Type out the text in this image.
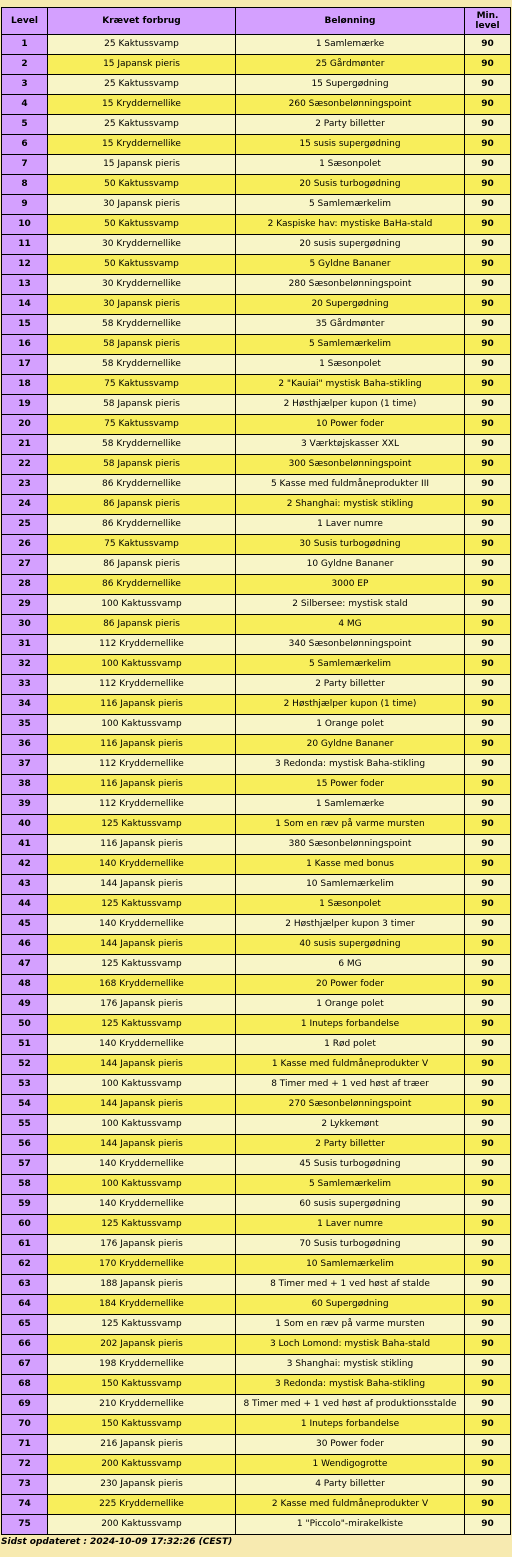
Level	Krævet forbrug	Belønning	Min. level
1	25 Kaktussvamp	1 Samlemærke	90
2	15 Japansk pieris	25 Gårdmønter	90
3	25 Kaktussvamp	15 Supergødning	90
4	15 Kryddernellike	260 Sæsonbelønningspoint	90
5	25 Kaktussvamp	2 Party billetter	90
6	15 Kryddernellike	15 susis supergødning	90
7	15 Japansk pieris	1 Sæsonpolet	90
8	50 Kaktussvamp	20 Susis turbogødning	90
9	30 Japansk pieris	5 Samlemærkelim	90
10	50 Kaktussvamp	2 Kaspiske hav: mystiske BaHa-stald	90
11	30 Kryddernellike	20 susis supergødning	90
12	50 Kaktussvamp	5 Gyldne Bananer	90
13	30 Kryddernellike	280 Sæsonbelønningspoint	90
14	30 Japansk pieris	20 Supergødning	90
15	58 Kryddernellike	35 Gårdmønter	90
16	58 Japansk pieris	5 Samlemærkelim	90
17	58 Kryddernellike	1 Sæsonpolet	90
18	75 Kaktussvamp	2 "Kauiai" mystisk Baha-stikling	90
19	58 Japansk pieris	2 Høsthjælper kupon (1 time)	90
20	75 Kaktussvamp	10 Power foder	90
21	58 Kryddernellike	3 Værktøjskasser XXL	90
22	58 Japansk pieris	300 Sæsonbelønningspoint	90
23	86 Kryddernellike	5 Kasse med fuldmåneprodukter III	90
24	86 Japansk pieris	2 Shanghai: mystisk stikling	90
25	86 Kryddernellike	1 Laver numre	90
26	75 Kaktussvamp	30 Susis turbogødning	90
27	86 Japansk pieris	10 Gyldne Bananer	90
28	86 Kryddernellike	3000 EP	90
29	100 Kaktussvamp	2 Silbersee: mystisk stald	90
30	86 Japansk pieris	4 MG	90
31	112 Kryddernellike	340 Sæsonbelønningspoint	90
32	100 Kaktussvamp	5 Samlemærkelim	90
33	112 Kryddernellike	2 Party billetter	90
34	116 Japansk pieris	2 Høsthjælper kupon (1 time)	90
35	100 Kaktussvamp	1 Orange polet	90
36	116 Japansk pieris	20 Gyldne Bananer	90
37	112 Kryddernellike	3 Redonda: mystisk Baha-stikling	90
38	116 Japansk pieris	15 Power foder	90
39	112 Kryddernellike	1 Samlemærke	90
40	125 Kaktussvamp	1 Som en ræv på varme mursten	90
41	116 Japansk pieris	380 Sæsonbelønningspoint	90
42	140 Kryddernellike	1 Kasse med bonus	90
43	144 Japansk pieris	10 Samlemærkelim	90
44	125 Kaktussvamp	1 Sæsonpolet	90
45	140 Kryddernellike	2 Høsthjælper kupon 3 timer	90
46	144 Japansk pieris	40 susis supergødning	90
47	125 Kaktussvamp	6 MG	90
48	168 Kryddernellike	20 Power foder	90
49	176 Japansk pieris	1 Orange polet	90
50	125 Kaktussvamp	1 Inuteps forbandelse	90
51	140 Kryddernellike	1 Rød polet	90
52	144 Japansk pieris	1 Kasse med fuldmåneprodukter V	90
53	100 Kaktussvamp	8 Timer med + 1 ved høst af træer	90
54	144 Japansk pieris	270 Sæsonbelønningspoint	90
55	100 Kaktussvamp	2 Lykkemønt	90
56	144 Japansk pieris	2 Party billetter	90
57	140 Kryddernellike	45 Susis turbogødning	90
58	100 Kaktussvamp	5 Samlemærkelim	90
59	140 Kryddernellike	60 susis supergødning	90
60	125 Kaktussvamp	1 Laver numre	90
61	176 Japansk pieris	70 Susis turbogødning	90
62	170 Kryddernellike	10 Samlemærkelim	90
63	188 Japansk pieris	8 Timer med + 1 ved høst af stalde	90
64	184 Kryddernellike	60 Supergødning	90
65	125 Kaktussvamp	1 Som en ræv på varme mursten	90
66	202 Japansk pieris	3 Loch Lomond: mystisk Baha-stald	90
67	198 Kryddernellike	3 Shanghai: mystisk stikling	90
68	150 Kaktussvamp	3 Redonda: mystisk Baha-stikling	90
69	210 Kryddernellike	8 Timer med + 1 ved høst af produktionsstalde	90
70	150 Kaktussvamp	1 Inuteps forbandelse	90
71	216 Japansk pieris	30 Power foder	90
72	200 Kaktussvamp	1 Wendigogrotte	90
73	230 Japansk pieris	4 Party billetter	90
74	225 Kryddernellike	2 Kasse med fuldmåneprodukter V	90
75	200 Kaktussvamp	1 "Piccolo"-mirakelkiste	90
Sidst opdateret : 2024-10-09 17:32:26 (CEST)
